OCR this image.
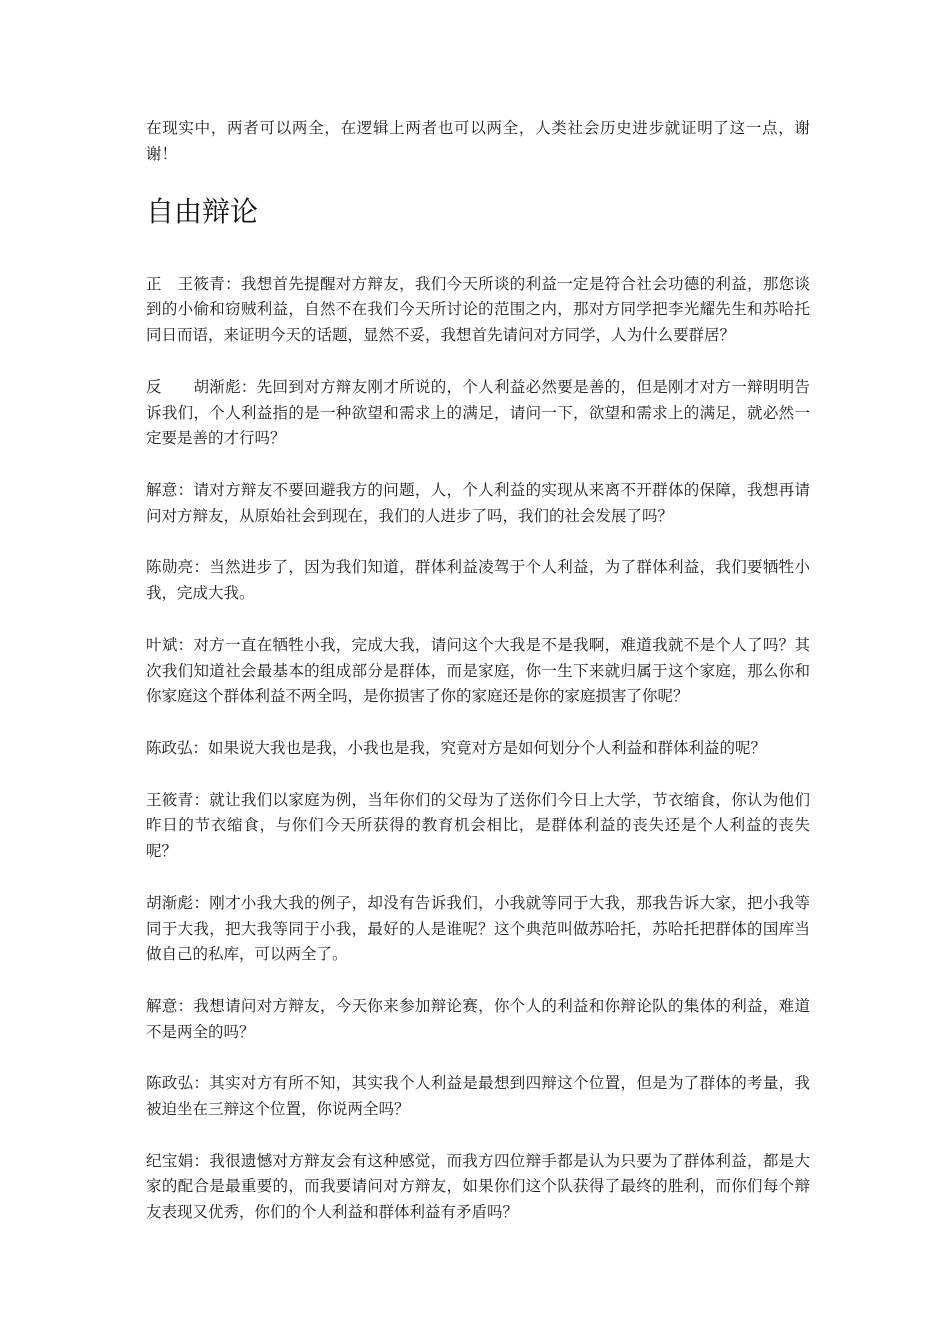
在现实中，两者可以两全，在逻辑上两者也可以两全，人类社会历史进步就证明了这一点，谢谢！

自由辩论

正　王筱青：我想首先提醒对方辩友，我们今天所谈的利益一定是符合社会功德的利益，那您谈到的小偷和窃贼利益，自然不在我们今天所讨论的范围之内，那对方同学把李光耀先生和苏哈托同日而语，来证明今天的话题，显然不妥，我想首先请问对方同学，人为什么要群居？

反　　胡渐彪：先回到对方辩友刚才所说的，个人利益必然要是善的，但是刚才对方一辩明明告诉我们，个人利益指的是一种欲望和需求上的满足，请问一下，欲望和需求上的满足，就必然一定要是善的才行吗？

解意：请对方辩友不要回避我方的问题，人，个人利益的实现从来离不开群体的保障，我想再请问对方辩友，从原始社会到现在，我们的人进步了吗，我们的社会发展了吗？

陈勋亮：当然进步了，因为我们知道，群体利益凌驾于个人利益，为了群体利益，我们要牺牲小我，完成大我。

叶斌：对方一直在牺牲小我，完成大我，请问这个大我是不是我啊，难道我就不是个人了吗？其次我们知道社会最基本的组成部分是群体，而是家庭，你一生下来就归属于这个家庭，那么你和你家庭这个群体利益不两全吗，是你损害了你的家庭还是你的家庭损害了你呢？

陈政弘：如果说大我也是我，小我也是我，究竟对方是如何划分个人利益和群体利益的呢？

王筱青：就让我们以家庭为例，当年你们的父母为了送你们今日上大学，节衣缩食，你认为他们昨日的节衣缩食，与你们今天所获得的教育机会相比，是群体利益的丧失还是个人利益的丧失呢？

胡渐彪：刚才小我大我的例子，却没有告诉我们，小我就等同于大我，那我告诉大家，把小我等同于大我，把大我等同于小我，最好的人是谁呢？这个典范叫做苏哈托，苏哈托把群体的国库当做自己的私库，可以两全了。

解意：我想请问对方辩友，今天你来参加辩论赛，你个人的利益和你辩论队的集体的利益，难道不是两全的吗？

陈政弘：其实对方有所不知，其实我个人利益是最想到四辩这个位置，但是为了群体的考量，我被迫坐在三辩这个位置，你说两全吗？

纪宝娟：我很遗憾对方辩友会有这种感觉，而我方四位辩手都是认为只要为了群体利益，都是大家的配合是最重要的，而我要请问对方辩友，如果你们这个队获得了最终的胜利，而你们每个辩友表现又优秀，你们的个人利益和群体利益有矛盾吗？
